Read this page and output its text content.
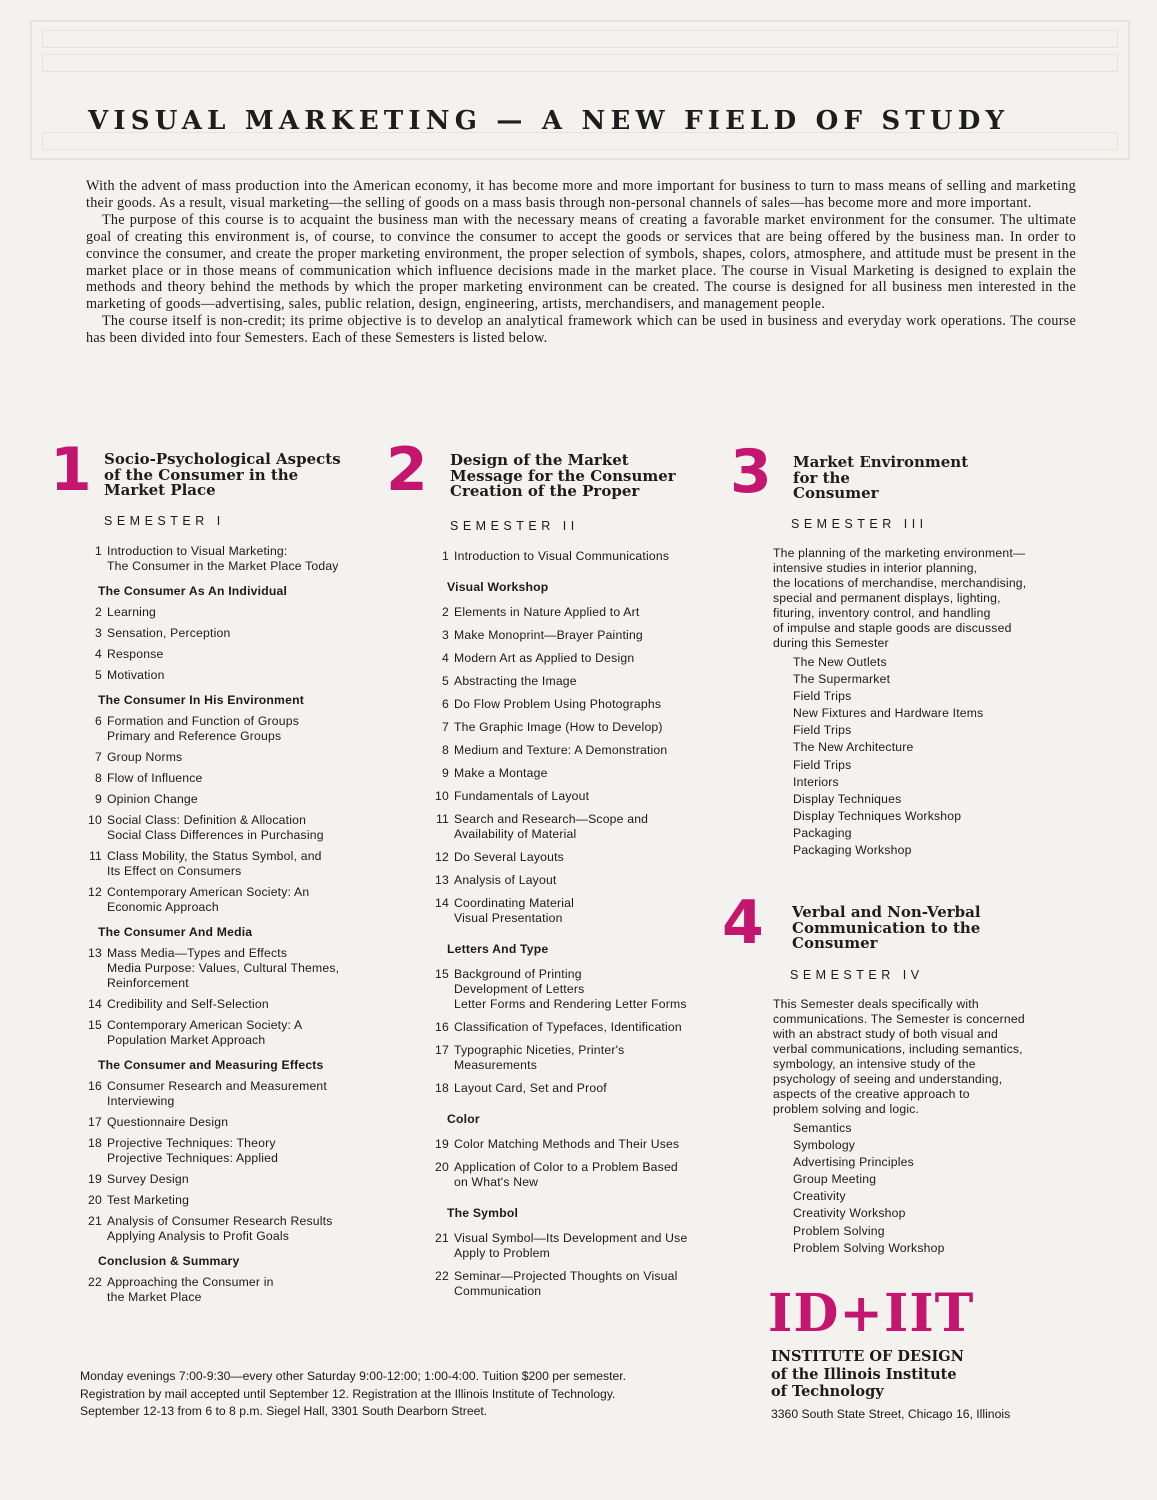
VISUAL MARKETING — A NEW FIELD OF STUDY

With the advent of mass production into the American economy, it has become more and more important for business to turn to mass means of selling and marketing their goods. As a result, visual marketing—the selling of goods on a mass basis through non-personal channels of sales—has become more and more important.

The purpose of this course is to acquaint the business man with the necessary means of creating a favorable market environment for the consumer. The ultimate goal of creating this environment is, of course, to convince the consumer to accept the goods or services that are being offered by the business man. In order to convince the consumer, and create the proper marketing environment, the proper selection of symbols, shapes, colors, atmosphere, and attitude must be present in the market place or in those means of communication which influence decisions made in the market place. The course in Visual Marketing is designed to explain the methods and theory behind the methods by which the proper marketing environment can be created. The course is designed for all business men interested in the marketing of goods—advertising, sales, public relation, design, engineering, artists, merchandisers, and management people.

The course itself is non-credit; its prime objective is to develop an analytical framework which can be used in business and everyday work operations. The course has been divided into four Semesters. Each of these Semesters is listed below.

1 Socio-Psychological Aspects
of the Consumer in the
Market Place
SEMESTER I
1 Introduction to Visual Marketing:
The Consumer in the Market Place Today
The Consumer As An Individual
2 Learning
3 Sensation, Perception
4 Response
5 Motivation
The Consumer In His Environment
6 Formation and Function of Groups
Primary and Reference Groups
7 Group Norms
8 Flow of Influence
9 Opinion Change
10 Social Class: Definition & Allocation
Social Class Differences in Purchasing
11 Class Mobility, the Status Symbol, and
Its Effect on Consumers
12 Contemporary American Society: An
Economic Approach
The Consumer And Media
13 Mass Media—Types and Effects
Media Purpose: Values, Cultural Themes,
Reinforcement
14 Credibility and Self-Selection
15 Contemporary American Society: A
Population Market Approach
The Consumer and Measuring Effects
16 Consumer Research and Measurement
Interviewing
17 Questionnaire Design
18 Projective Techniques: Theory
Projective Techniques: Applied
19 Survey Design
20 Test Marketing
21 Analysis of Consumer Research Results
Applying Analysis to Profit Goals
Conclusion & Summary
22 Approaching the Consumer in
the Market Place
2 Design of the Market
Message for the Consumer
Creation of the Proper
SEMESTER II
1 Introduction to Visual Communications
Visual Workshop
2 Elements in Nature Applied to Art
3 Make Monoprint—Brayer Painting
4 Modern Art as Applied to Design
5 Abstracting the Image
6 Do Flow Problem Using Photographs
7 The Graphic Image (How to Develop)
8 Medium and Texture: A Demonstration
9 Make a Montage
10 Fundamentals of Layout
11 Search and Research—Scope and
Availability of Material
12 Do Several Layouts
13 Analysis of Layout
14 Coordinating Material
Visual Presentation
Letters And Type
15 Background of Printing
Development of Letters
Letter Forms and Rendering Letter Forms
16 Classification of Typefaces, Identification
17 Typographic Niceties, Printer's
Measurements
18 Layout Card, Set and Proof
Color
19 Color Matching Methods and Their Uses
20 Application of Color to a Problem Based
on What's New
The Symbol
21 Visual Symbol—Its Development and Use
Apply to Problem
22 Seminar—Projected Thoughts on Visual
Communication
3 Market Environment
for the
Consumer
SEMESTER III
The planning of the marketing environment—
intensive studies in interior planning,
the locations of merchandise, merchandising,
special and permanent displays, lighting,
fituring, inventory control, and handling
of impulse and staple goods are discussed
during this Semester
The New Outlets
The Supermarket
Field Trips
New Fixtures and Hardware Items
Field Trips
The New Architecture
Field Trips
Interiors
Display Techniques
Display Techniques Workshop
Packaging
Packaging Workshop
4 Verbal and Non-Verbal
Communication to the
Consumer
SEMESTER IV
This Semester deals specifically with
communications. The Semester is concerned
with an abstract study of both visual and
verbal communications, including semantics,
symbology, an intensive study of the
psychology of seeing and understanding,
aspects of the creative approach to
problem solving and logic.
Semantics
Symbology
Advertising Principles
Group Meeting
Creativity
Creativity Workshop
Problem Solving
Problem Solving Workshop
ID+IIT
INSTITUTE OF DESIGN
of the Illinois Institute
of Technology
3360 South State Street, Chicago 16, Illinois
Monday evenings 7:00-9:30—every other Saturday 9:00-12:00; 1:00-4:00. Tuition $200 per semester.
Registration by mail accepted until September 12. Registration at the Illinois Institute of Technology.
September 12-13 from 6 to 8 p.m. Siegel Hall, 3301 South Dearborn Street.
